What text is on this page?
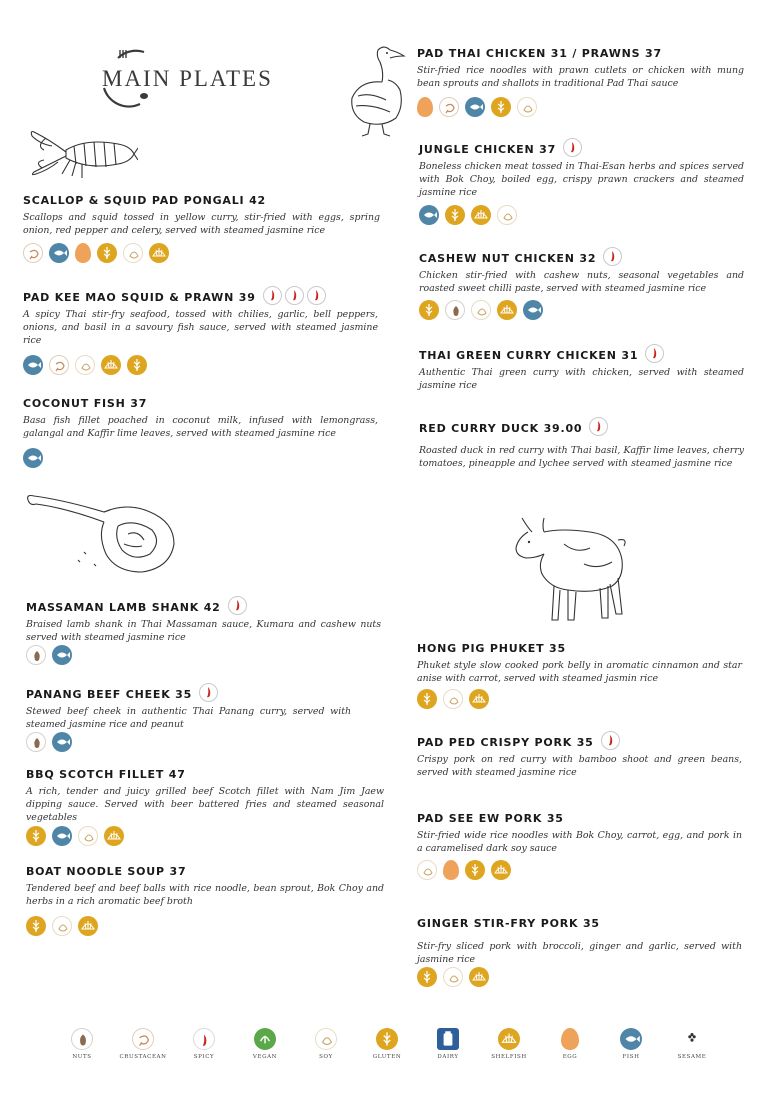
MAIN PLATES
SCALLOP & SQUID PAD PONGALI 42
Scallops and squid tossed in yellow curry, stir-fried with eggs, spring onion, red pepper and celery, served with steamed jasmine rice
PAD KEE MAO SQUID & PRAWN 39
A spicy Thai stir-fry seafood, tossed with chilies, garlic, bell peppers, onions, and basil in a savoury fish sauce, served with steamed jasmine rice
COCONUT FISH 37
Basa fish fillet poached in coconut milk, infused with lemongrass, galangal and Kaffir lime leaves, served with steamed jasmine rice
MASSAMAN LAMB SHANK 42
Braised lamb shank in Thai Massaman sauce, Kumara and cashew nuts served with steamed jasmine rice
PANANG BEEF CHEEK 35
Stewed beef cheek in authentic Thai Panang curry, served with steamed jasmine rice and peanut
BBQ SCOTCH FILLET 47
A rich, tender and juicy grilled beef Scotch fillet with Nam Jim Jaew dipping sauce. Served with beer battered fries and steamed seasonal vegetables
BOAT NOODLE SOUP 37
Tendered beef and beef balls with rice noodle, bean sprout, Bok Choy and herbs in a rich aromatic beef broth
PAD THAI CHICKEN 31 / PRAWNS 37
Stir-fried rice noodles with prawn cutlets or chicken with mung bean sprouts and shallots in traditional Pad Thai sauce
JUNGLE CHICKEN 37
Boneless chicken meat tossed in Thai-Esan herbs and spices served with Bok Choy, boiled egg, crispy prawn crackers and steamed jasmine rice
CASHEW NUT CHICKEN 32
Chicken stir-fried with cashew nuts, seasonal vegetables and roasted sweet chilli paste, served with steamed jasmine rice
THAI GREEN CURRY CHICKEN 31
Authentic Thai green curry with chicken, served with steamed jasmine rice
RED CURRY DUCK 39.00
Roasted duck in red curry with Thai basil, Kaffir lime leaves, cherry tomatoes, pineapple and lychee served with steamed jasmine rice
HONG PIG PHUKET 35
Phuket style slow cooked pork belly in aromatic cinnamon and star anise with carrot, served with steamed jasmin rice
PAD PED CRISPY PORK 35
Crispy pork on red curry with bamboo shoot and green beans, served with steamed jasmine rice
PAD SEE EW PORK 35
Stir-fried wide rice noodles with Bok Choy, carrot, egg, and pork in a caramelised dark soy sauce
GINGER STIR-FRY PORK 35
Stir-fry sliced pork with broccoli, ginger and garlic, served with jasmine rice
NUTS	CRUSTACEAN	SPICY	VEGAN	SOY	GLUTEN	DAIRY	SHELFISH	EGG	FISH	SESAME
